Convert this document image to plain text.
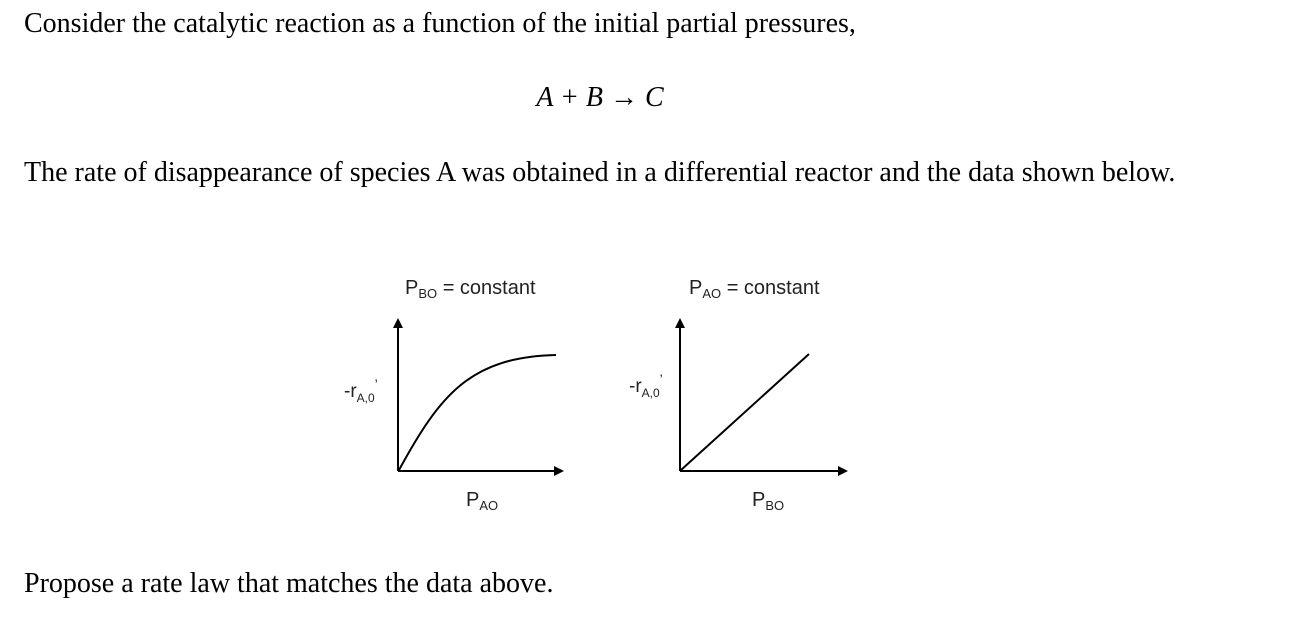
Consider the catalytic reaction as a function of the initial partial pressures,
A + B → C
The rate of disappearance of species A was obtained in a differential reactor and the data shown below.
$P_{BO}$ = constant
$-r_{A,0}^’$
$P_{AO}$
$P_{AO}$ = constant
$-r_{A,0}^’$
$P_{BO}$
Propose a rate law that matches the data above.
